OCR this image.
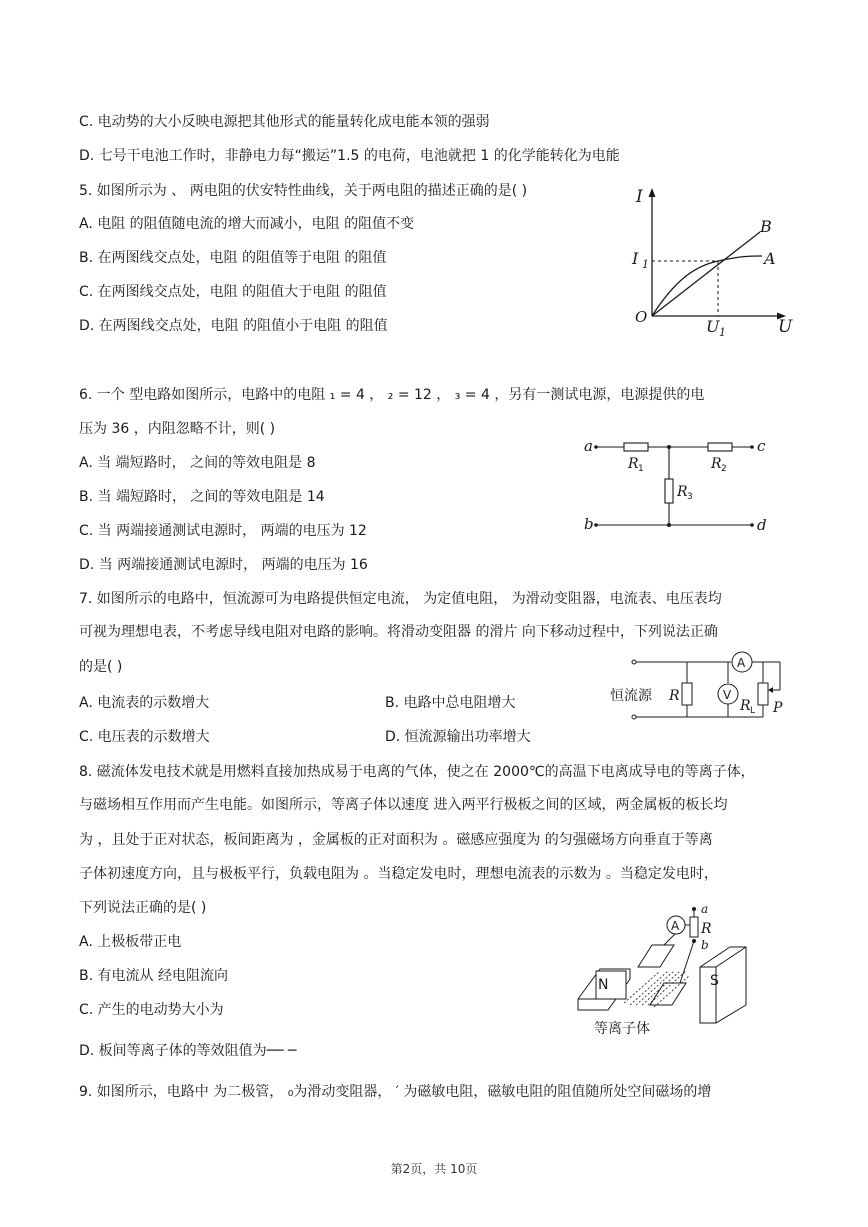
C. 电动势的大小反映电源把其他形式的能量转化成电能本领的强弱
D. 七号干电池工作时，非静电力每“搬运”1.5 的电荷，电池就把 1 的化学能转化为电能
5. 如图所示为 、 两电阻的伏安特性曲线，关于两电阻的描述正确的是( )
A. 电阻 的阻值随电流的增大而减小，电阻 的阻值不变
B. 在两图线交点处，电阻 的阻值等于电阻 的阻值
C. 在两图线交点处，电阻 的阻值大于电阻 的阻值
D. 在两图线交点处，电阻 的阻值小于电阻 的阻值
6. 一个 型电路如图所示，电路中的电阻 ₁ = 4 ， ₂ = 12 ， ₃ = 4 ，另有一测试电源，电源提供的电
压为 36 ，内阻忽略不计，则( )
A. 当 端短路时， 之间的等效电阻是 8
B. 当 端短路时， 之间的等效电阻是 14
C. 当 两端接通测试电源时， 两端的电压为 12
D. 当 两端接通测试电源时， 两端的电压为 16
7. 如图所示的电路中，恒流源可为电路提供恒定电流， 为定值电阻， 为滑动变阻器，电流表、电压表均
可视为理想电表，不考虑导线电阻对电路的影响。将滑动变阻器 的滑片 向下移动过程中，下列说法正确
的是( )
A. 电流表的示数增大	B. 电路中总电阻增大
C. 电压表的示数增大	D. 恒流源输出功率增大
8. 磁流体发电技术就是用燃料直接加热成易于电离的气体，使之在 2000℃的高温下电离成导电的等离子体，
与磁场相互作用而产生电能。如图所示，等离子体以速度 进入两平行极板之间的区域，两金属板的板长均
为 ，且处于正对状态，板间距离为 ，金属板的正对面积为 。磁感应强度为 的匀强磁场方向垂直于等离
子体初速度方向，且与极板平行，负载电阻为 。当稳定发电时，理想电流表的示数为 。当稳定发电时，
下列说法正确的是( )
A. 上极板带正电
B. 有电流从 经电阻流向
C. 产生的电动势大小为
D. 板间等离子体的等效阻值为── ─
9. 如图所示，电路中 为二极管， ₀为滑动变阻器， ′ 为磁敏电阻，磁敏电阻的阻值随所处空间磁场的增
I
U
O
I 1
U 1
B
A
a	c
b	d
R 1	R 2
R 3
A
V
恒流源 R
R L P
N	S
A
a
R
b
等离子体
第2页，共 10页
